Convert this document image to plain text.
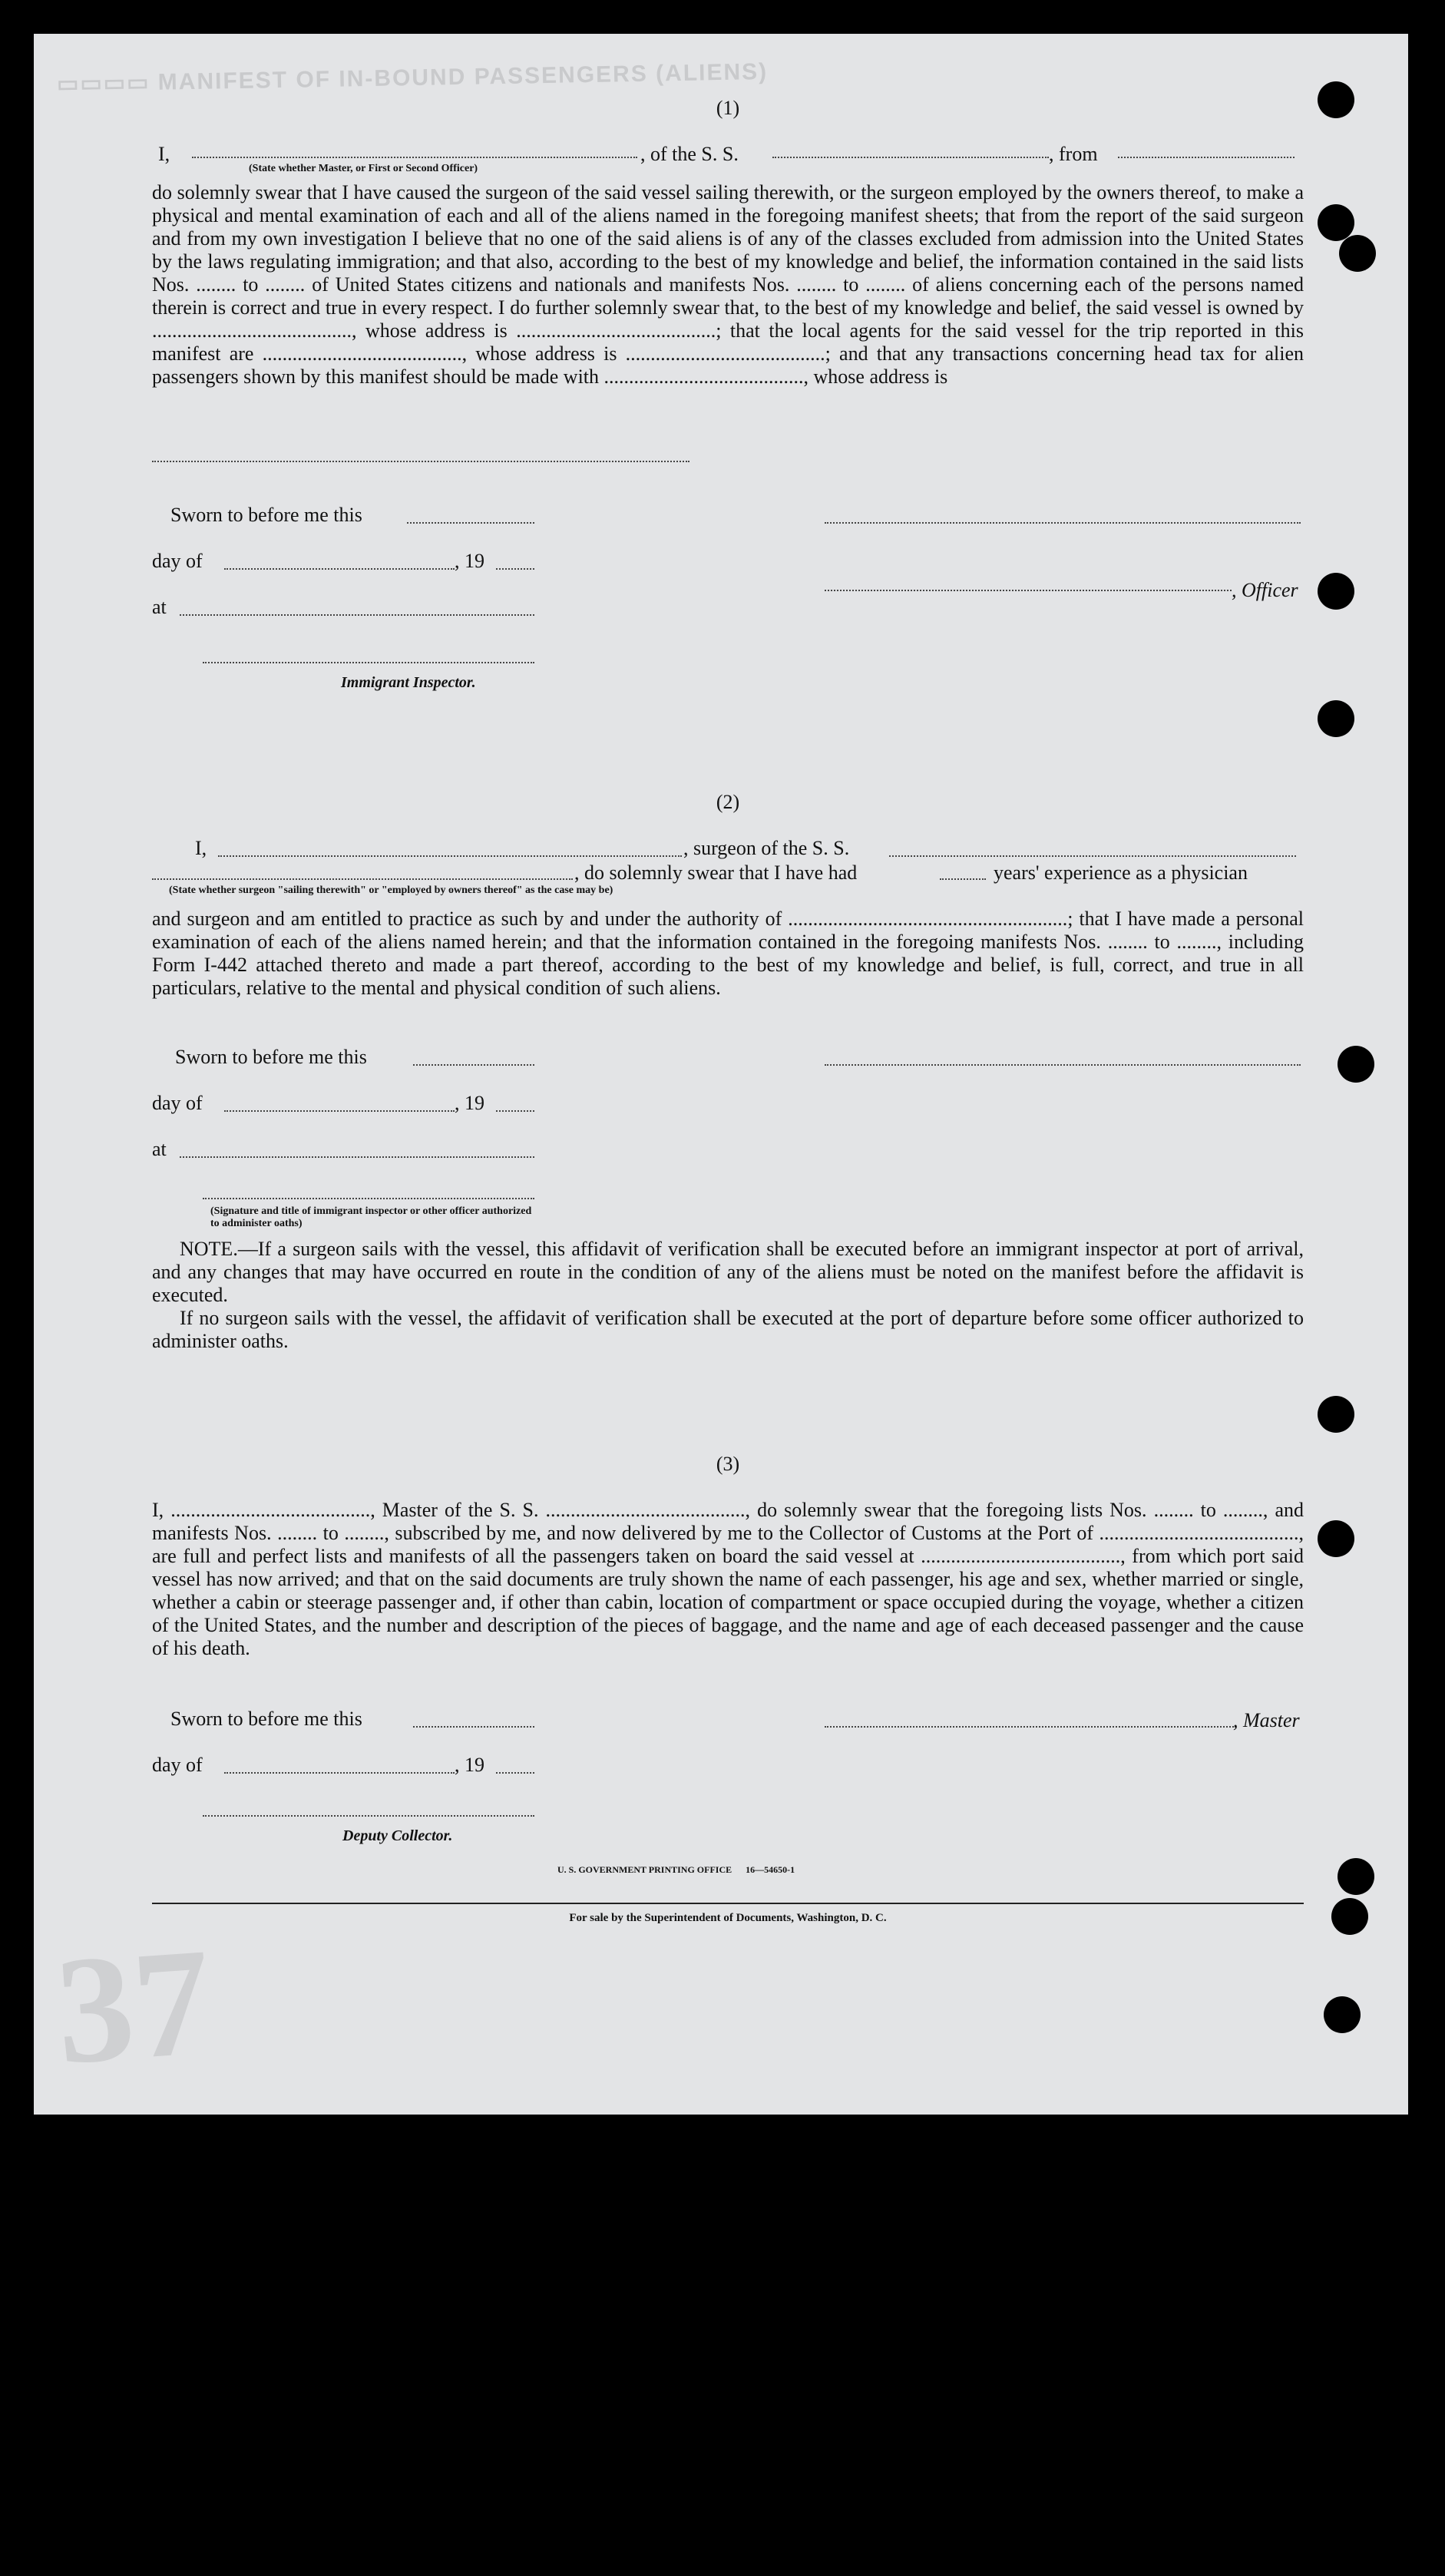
▭▭▭▭ MANIFEST OF IN-BOUND PASSENGERS (ALIENS)
(1)
I,	, of the S. S.	, from
(State whether Master, or First or Second Officer)

do solemnly swear that I have caused the surgeon of the said vessel sailing therewith, or the surgeon employed by the owners thereof, to make a physical and mental examination of each and all of the aliens named in the foregoing manifest sheets; that from the report of the said surgeon and from my own investigation I believe that no one of the said aliens is of any of the classes excluded from admission into the United States by the laws regulating immigration; and that also, according to the best of my knowledge and belief, the information contained in the said lists Nos. ........ to ........ of United States citizens and nationals and manifests Nos. ........ to ........ of aliens concerning each of the persons named therein is correct and true in every respect. I do further solemnly swear that, to the best of my knowledge and belief, the said vessel is owned by ........................................, whose address is ........................................; that the local agents for the said vessel for the trip reported in this manifest are ........................................, whose address is ........................................; and that any transactions concerning head tax for alien passengers shown by this manifest should be made with ........................................, whose address is

Sworn to before me this
day of	, 19
, Officer
at
Immigrant Inspector.
(2)
I,	, surgeon of the S. S.
, do solemnly swear that I have had	years' experience as a physician
(State whether surgeon "sailing therewith" or "employed by owners thereof" as the case may be)

and surgeon and am entitled to practice as such by and under the authority of ........................................................; that I have made a personal examination of each of the aliens named herein; and that the information contained in the foregoing manifests Nos. ........ to ........, including Form I-442 attached thereto and made a part thereof, according to the best of my knowledge and belief, is full, correct, and true in all particulars, relative to the mental and physical condition of such aliens.

Sworn to before me this
day of	, 19
at
(Signature and title of immigrant inspector or other officer authorized to administer oaths)

NOTE.—If a surgeon sails with the vessel, this affidavit of verification shall be executed before an immigrant inspector at port of arrival, and any changes that may have occurred en route in the condition of any of the aliens must be noted on the manifest before the affidavit is executed.

If no surgeon sails with the vessel, the affidavit of verification shall be executed at the port of departure before some officer authorized to administer oaths.

(3)

I, ........................................, Master of the S. S. ........................................, do solemnly swear that the foregoing lists Nos. ........ to ........, and manifests Nos. ........ to ........, subscribed by me, and now delivered by me to the Collector of Customs at the Port of ........................................, are full and perfect lists and manifests of all the passengers taken on board the said vessel at ........................................, from which port said vessel has now arrived; and that on the said documents are truly shown the name of each passenger, his age and sex, whether married or single, whether a cabin or steerage passenger and, if other than cabin, location of compartment or space occupied during the voyage, whether a citizen of the United States, and the number and description of the pieces of baggage, and the name and age of each deceased passenger and the cause of his death.

Sworn to before me this	, Master
day of	, 19
Deputy Collector.
U. S. GOVERNMENT PRINTING OFFICE      16—54650-1
For sale by the Superintendent of Documents, Washington, D. C.
37
